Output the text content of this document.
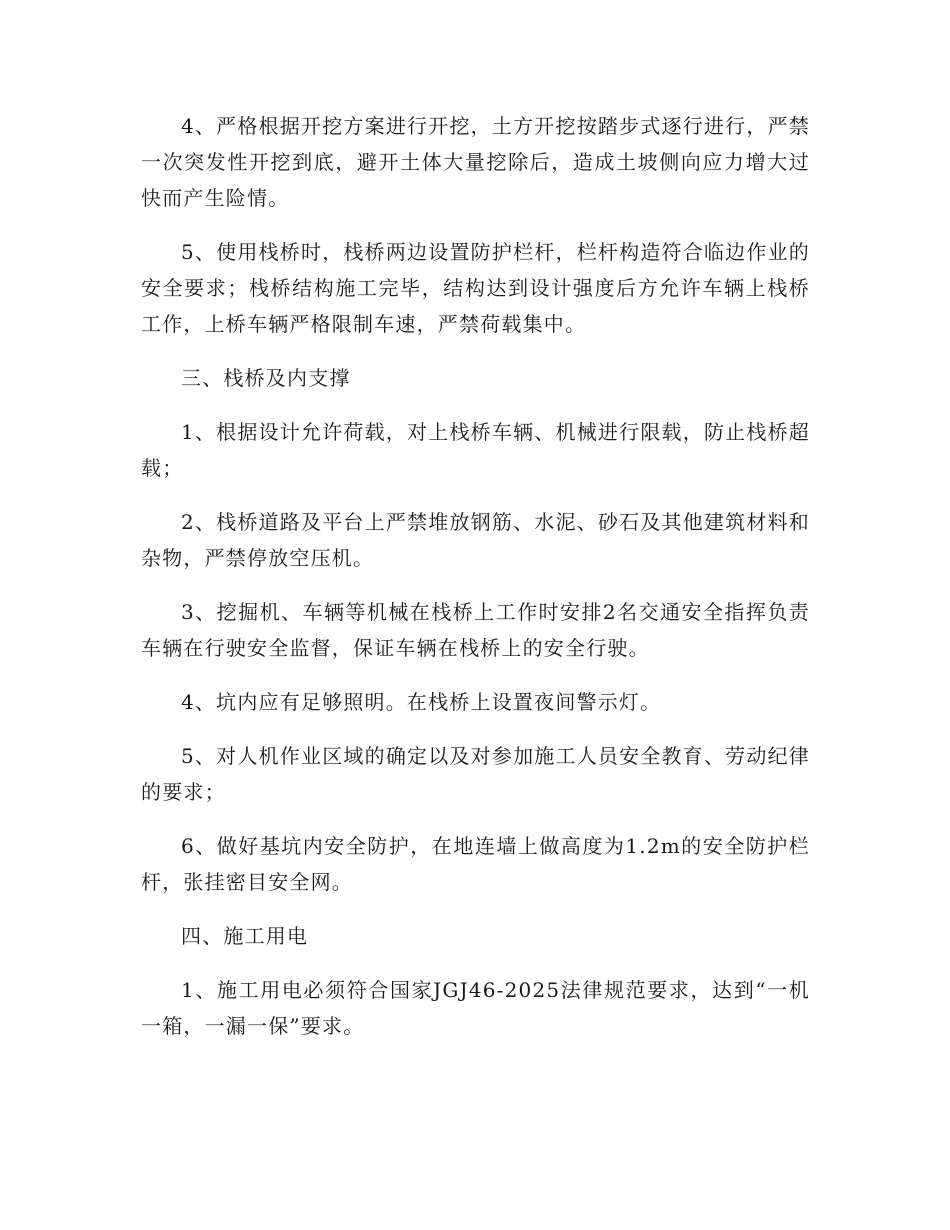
4、严格根据开挖方案进行开挖，土方开挖按踏步式逐行进行，严禁一次突发性开挖到底，避开土体大量挖除后，造成土坡侧向应力增大过快而产生险情。

5、使用栈桥时，栈桥两边设置防护栏杆，栏杆构造符合临边作业的安全要求；栈桥结构施工完毕，结构达到设计强度后方允许车辆上栈桥工作，上桥车辆严格限制车速，严禁荷载集中。

三、栈桥及内支撑

1、根据设计允许荷载，对上栈桥车辆、机械进行限载，防止栈桥超载；

2、栈桥道路及平台上严禁堆放钢筋、水泥、砂石及其他建筑材料和杂物，严禁停放空压机。

3、挖掘机、车辆等机械在栈桥上工作时安排2名交通安全指挥负责车辆在行驶安全监督，保证车辆在栈桥上的安全行驶。

4、坑内应有足够照明。在栈桥上设置夜间警示灯。

5、对人机作业区域的确定以及对参加施工人员安全教育、劳动纪律的要求；

6、做好基坑内安全防护，在地连墙上做高度为1.2m的安全防护栏杆，张挂密目安全网。

四、施工用电

1、施工用电必须符合国家JGJ46-2025法律规范要求，达到“一机一箱，一漏一保”要求。
